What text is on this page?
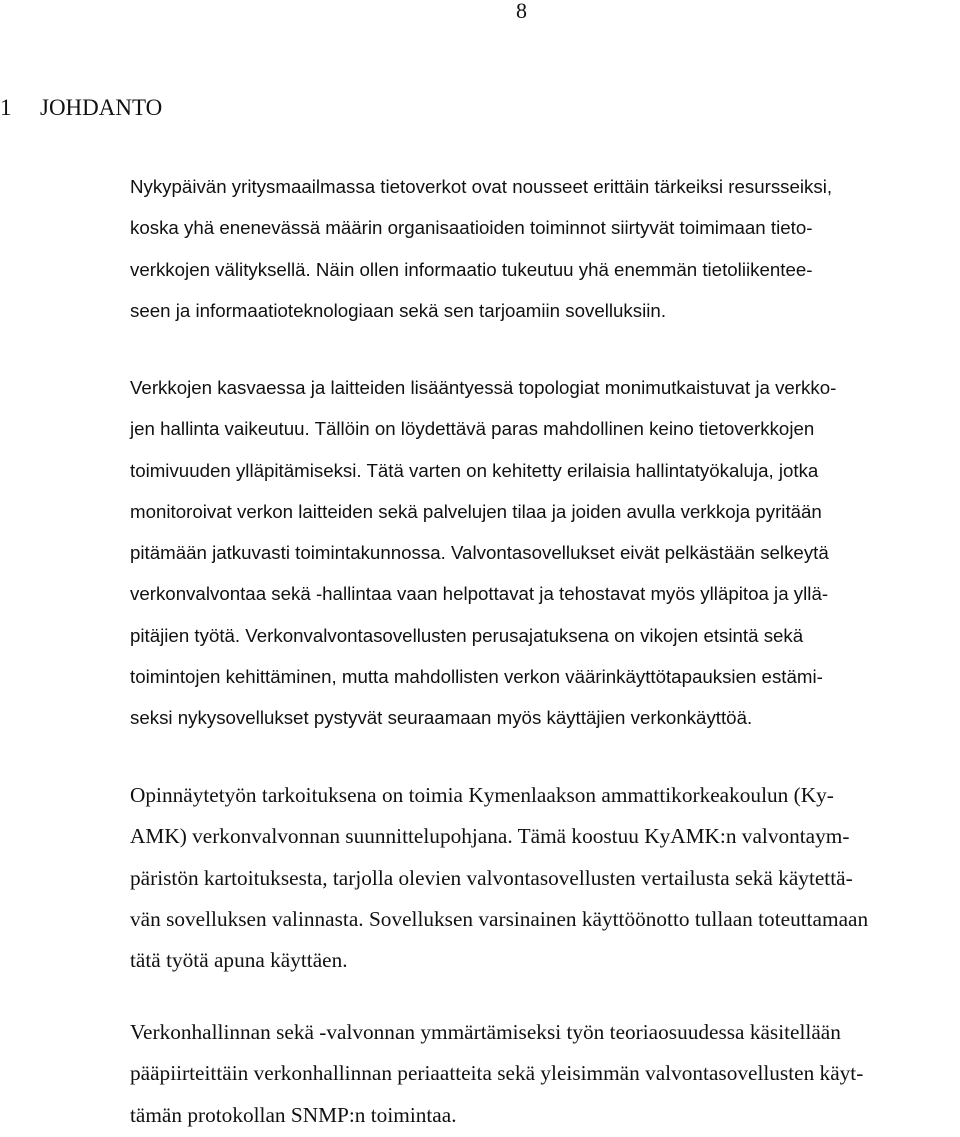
8
1 JOHDANTO
Nykypäivän yritysmaailmassa tietoverkot ovat nousseet erittäin tärkeiksi resursseiksi,
koska yhä enenevässä määrin organisaatioiden toiminnot siirtyvät toimimaan tieto-
verkkojen välityksellä. Näin ollen informaatio tukeutuu yhä enemmän tietoliikentee-
seen ja informaatioteknologiaan sekä sen tarjoamiin sovelluksiin.
Verkkojen kasvaessa ja laitteiden lisääntyessä topologiat monimutkaistuvat ja verkko-
jen hallinta vaikeutuu. Tällöin on löydettävä paras mahdollinen keino tietoverkkojen
toimivuuden ylläpitämiseksi. Tätä varten on kehitetty erilaisia hallintatyökaluja, jotka
monitoroivat verkon laitteiden sekä palvelujen tilaa ja joiden avulla verkkoja pyritään
pitämään jatkuvasti toimintakunnossa. Valvontasovellukset eivät pelkästään selkeytä
verkonvalvontaa sekä -hallintaa vaan helpottavat ja tehostavat myös ylläpitoa ja yllä-
pitäjien työtä. Verkonvalvontasovellusten perusajatuksena on vikojen etsintä sekä
toimintojen kehittäminen, mutta mahdollisten verkon väärinkäyttötapauksien estämi-
seksi nykysovellukset pystyvät seuraamaan myös käyttäjien verkonkäyttöä.
Opinnäytetyön tarkoituksena on toimia Kymenlaakson ammattikorkeakoulun (Ky-
AMK) verkonvalvonnan suunnittelupohjana. Tämä koostuu KyAMK:n valvontaym-
päristön kartoituksesta, tarjolla olevien valvontasovellusten vertailusta sekä käytettä-
vän sovelluksen valinnasta. Sovelluksen varsinainen käyttöönotto tullaan toteuttamaan
tätä työtä apuna käyttäen.
Verkonhallinnan sekä -valvonnan ymmärtämiseksi työn teoriaosuudessa käsitellään
pääpiirteittäin verkonhallinnan periaatteita sekä yleisimmän valvontasovellusten käyt-
tämän protokollan SNMP:n toimintaa.
